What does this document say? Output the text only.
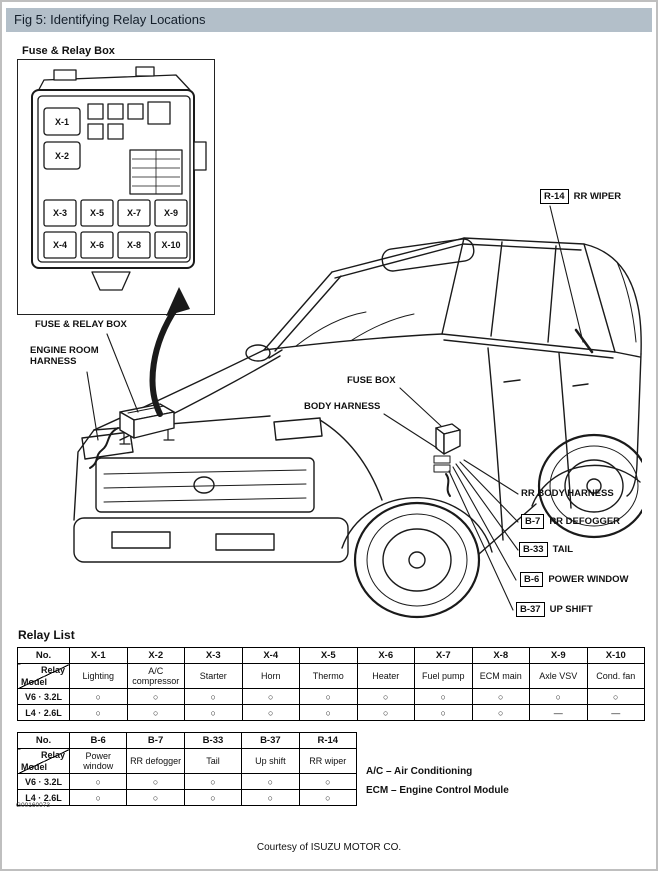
Fig 5: Identifying Relay Locations
Fuse & Relay Box
X-1
X-2
X-3	X-5	X-7	X-9
X-4	X-6	X-8 X-10
FUSE & RELAY BOX
ENGINE ROOM
HARNESS
FUSE BOX
BODY HARNESS
R-14 RR WIPER
RR BODY HARNESS
B-7 RR DEFOGGER
B-33 TAIL
B-6 POWER WINDOW
B-37 UP SHIFT
Relay List
No.	X-1	X-2	X-3	X-4	X-5	X-6	X-7	X-8	X-9	X-10

Relay
Model	Lighting	A/C compressor	Starter	Horn	Thermo	Heater	Fuel pump	ECM main	Axle VSV	Cond. fan
V6 · 3.2L	○	○	○	○	○	○	○	○	○	○
L4 · 2.6L	○	○	○	○	○	○	○	○	—	—
No.	B-6	B-7	B-33	B-37	R-14

Relay
Model	Power window	RR defogger	Tail	Up shift	RR wiper
V6 · 3.2L	○	○	○	○	○
L4 · 2.6L	○	○	○	○	○
A/C – Air Conditioning
ECM – Engine Control Module
G00160073
Courtesy of ISUZU MOTOR CO.
